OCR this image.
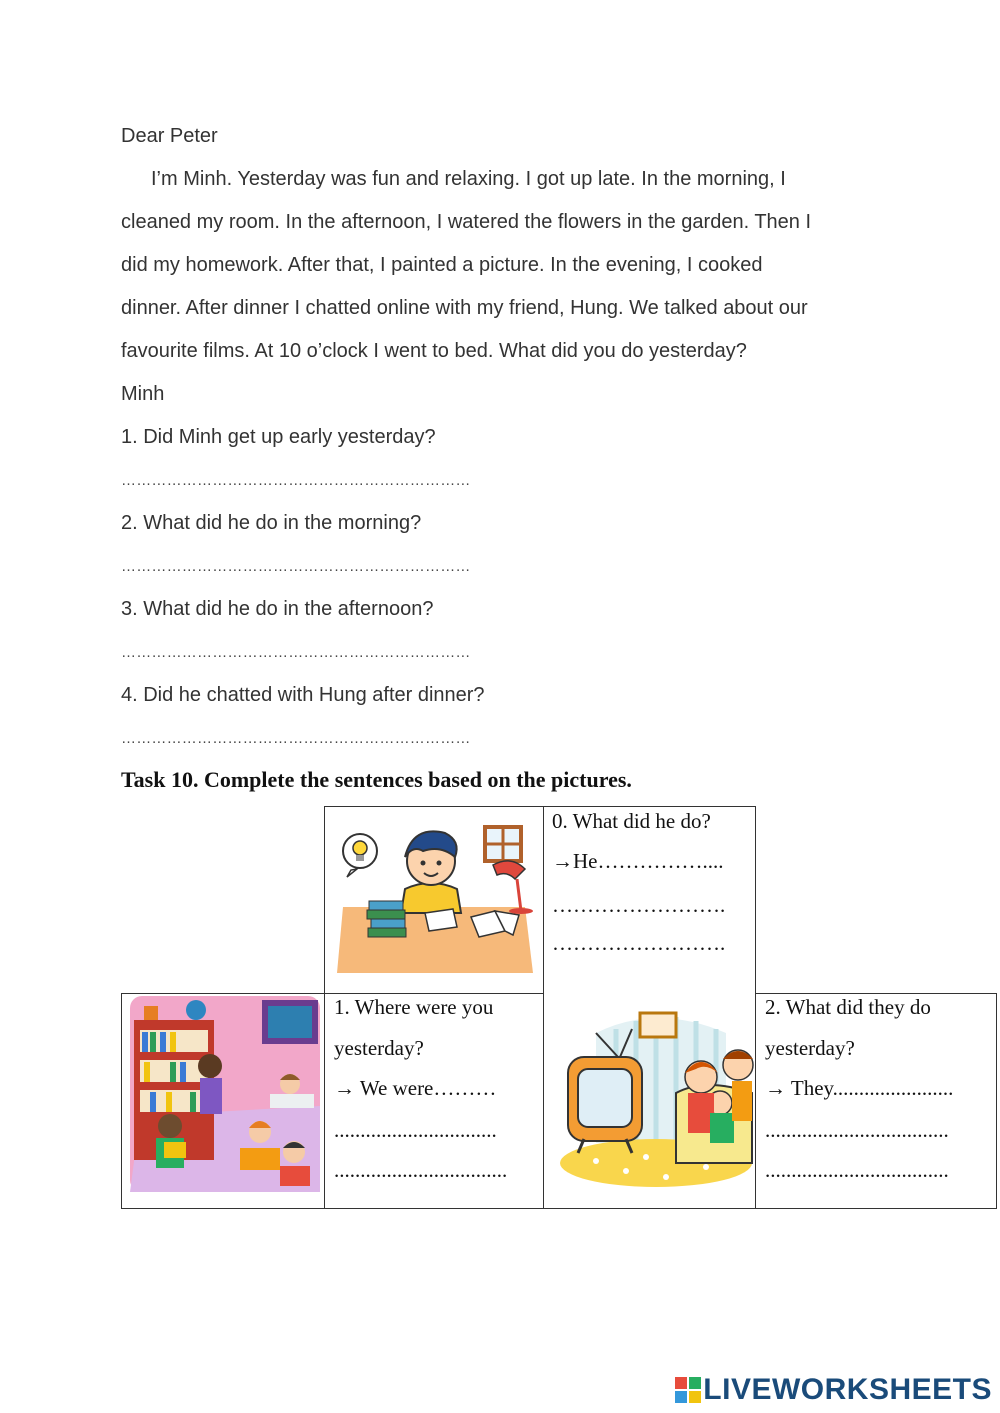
Dear Peter
I’m Minh. Yesterday was fun and relaxing. I got up late. In the morning, I
cleaned my room. In the afternoon, I watered the flowers in the garden. Then I
did my homework. After that, I painted a picture. In the evening, I cooked
dinner. After dinner I chatted online with my friend, Hung. We talked about our
favourite films. At 10 o’clock I went to bed. What did you do yesterday?
Minh
1. Did Minh get up early yesterday?
……………………………………………………………
2. What did he do in the morning?
……………………………………………………………
3. What did he do in the afternoon?
……………………………………………………………
4. Did he chatted with Hung after dinner?
……………………………………………………………
Task 10. Complete the sentences based on the pictures.
0. What did he do?
→He……………....
…………………….
…………………….
1. Where were you
yesterday?
→ We were………
...............................
.................................
2. What did they do
yesterday?
→ They.......................
...................................
...................................
LIVEWORKSHEETS
